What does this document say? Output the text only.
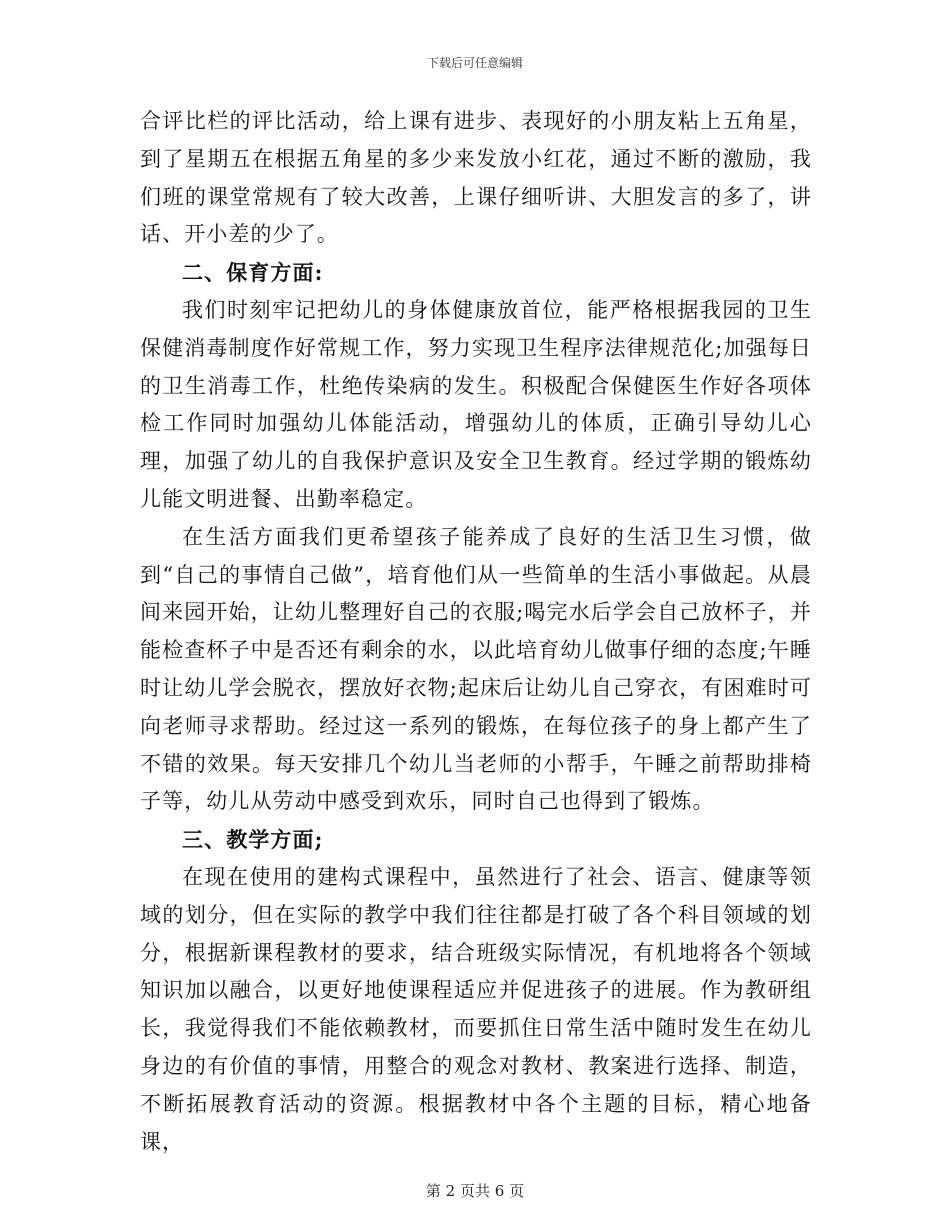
下载后可任意编辑

合评比栏的评比活动，给上课有进步、表现好的小朋友粘上五角星，到了星期五在根据五角星的多少来发放小红花，通过不断的激励，我们班的课堂常规有了较大改善，上课仔细听讲、大胆发言的多了，讲话、开小差的少了。

二、保育方面:

我们时刻牢记把幼儿的身体健康放首位，能严格根据我园的卫生保健消毒制度作好常规工作，努力实现卫生程序法律规范化;加强每日的卫生消毒工作，杜绝传染病的发生。积极配合保健医生作好各项体检工作同时加强幼儿体能活动，增强幼儿的体质，正确引导幼儿心理，加强了幼儿的自我保护意识及安全卫生教育。经过学期的锻炼幼儿能文明进餐、出勤率稳定。

在生活方面我们更希望孩子能养成了良好的生活卫生习惯，做到“自己的事情自己做”，培育他们从一些简单的生活小事做起。从晨间来园开始，让幼儿整理好自己的衣服;喝完水后学会自己放杯子，并能检查杯子中是否还有剩余的水，以此培育幼儿做事仔细的态度;午睡时让幼儿学会脱衣，摆放好衣物;起床后让幼儿自己穿衣，有困难时可向老师寻求帮助。经过这一系列的锻炼，在每位孩子的身上都产生了不错的效果。每天安排几个幼儿当老师的小帮手，午睡之前帮助排椅子等，幼儿从劳动中感受到欢乐，同时自己也得到了锻炼。

三、教学方面;

在现在使用的建构式课程中，虽然进行了社会、语言、健康等领域的划分，但在实际的教学中我们往往都是打破了各个科目领域的划分，根据新课程教材的要求，结合班级实际情况，有机地将各个领域知识加以融合，以更好地使课程适应并促进孩子的进展。作为教研组长，我觉得我们不能依赖教材，而要抓住日常生活中随时发生在幼儿身边的有价值的事情，用整合的观念对教材、教案进行选择、制造，不断拓展教育活动的资源。根据教材中各个主题的目标，精心地备课，

第 2 页共 6 页
